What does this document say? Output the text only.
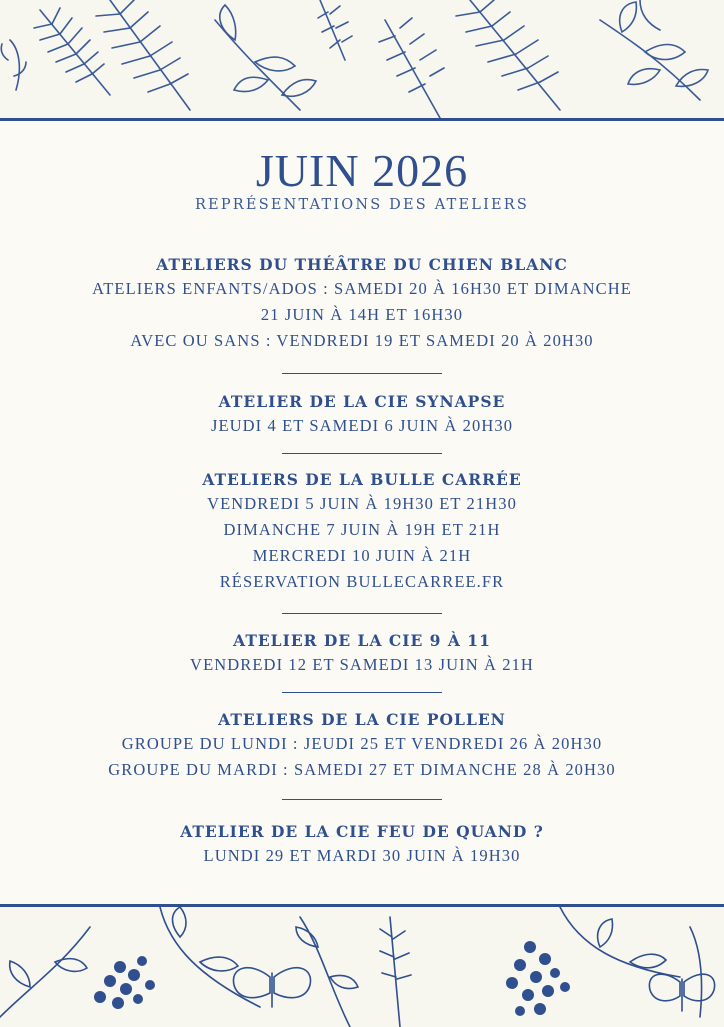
JUIN 2026
REPRÉSENTATIONS DES ATELIERS
ATELIERS DU THÉÂTRE DU CHIEN BLANC
ATELIERS ENFANTS/ADOS : SAMEDI 20 À 16H30 ET DIMANCHE
21 JUIN À 14H ET 16H30
AVEC OU SANS : VENDREDI 19 ET SAMEDI 20 À 20H30
ATELIER DE LA CIE SYNAPSE
JEUDI 4 ET SAMEDI 6 JUIN À 20H30
ATELIERS DE LA BULLE CARRÉE
VENDREDI 5 JUIN À 19H30 ET 21H30
DIMANCHE 7 JUIN À 19H ET 21H
MERCREDI 10 JUIN À 21H
RÉSERVATION BULLECARREE.FR
ATELIER DE LA CIE 9 À 11
VENDREDI 12 ET SAMEDI 13 JUIN À 21H
ATELIERS DE LA CIE POLLEN
GROUPE DU LUNDI : JEUDI 25 ET VENDREDI 26 À 20H30
GROUPE DU MARDI : SAMEDI 27 ET DIMANCHE 28 À 20H30
ATELIER DE LA CIE FEU DE QUAND ?
LUNDI 29 ET MARDI 30 JUIN À 19H30
